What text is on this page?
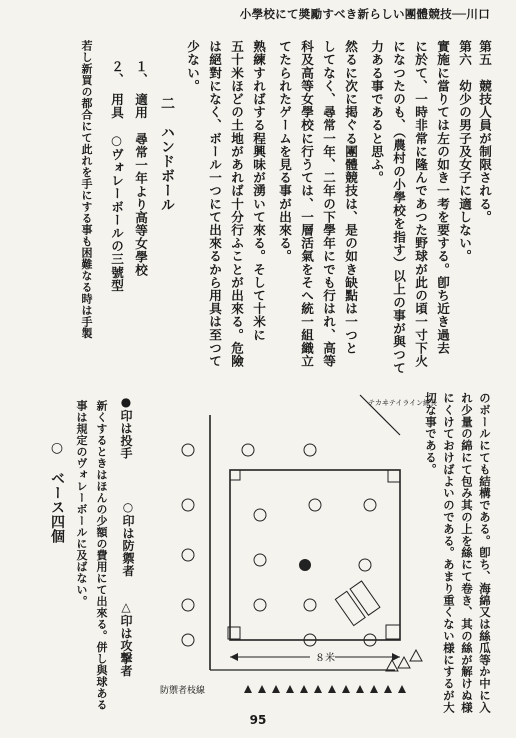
小學校にて奬勵すべき新らしい團體競技──川口
第五　競技人員が制限される。
第六　幼少の男子及女子に適しない。
實施に當りては左の如き一考を要する。卽ち近き過去
に於て、一時非常に隆んであつた野球が此の頃一寸下火
になつたのも、（農村の小學校を指す）以上の事が與つて
力ある事であると思ふ。
然るに次に掲ぐる團體競技は、是の如き缺點は一つと
してなく、尋常一年、二年の下學年にでも行はれ、高等
科及高等女學校に行うては、一層活氣をそへ統一組織立
てたられたゲームを見る事が出來る。
熟練すればする程興味が湧いて來る。そして十米に
五十米ほどの土地があれば十分行ふことが出來る。危險
は絕對になく、ボール一つにて出來るから用具は至つて
少ない。
二　ハンドボール
１、　適用　尋常一年より高等女學校
２、　用具　○ヴォレーボールの三號型
若し新買の都合にて此れを手にする事も困難なる時は手製
のボールにても結構である。卽ち、海綿又は絲瓜等か中に入
れ少量の綿にて包み其の上を絲にて卷き、其の絲が解けぬ様
にくけておけばよいのである。あまり重くない様にするが大
切な事である。
●印は投手
○印は防禦者
△印は攻撃者
新くするときはほんの少額の費用にて出來る。併し與球ある
事は規定のヴォレーボールに及ばない。
○　ベース四個
８米
防禦者枝線
テカヰテイライン線長
95
